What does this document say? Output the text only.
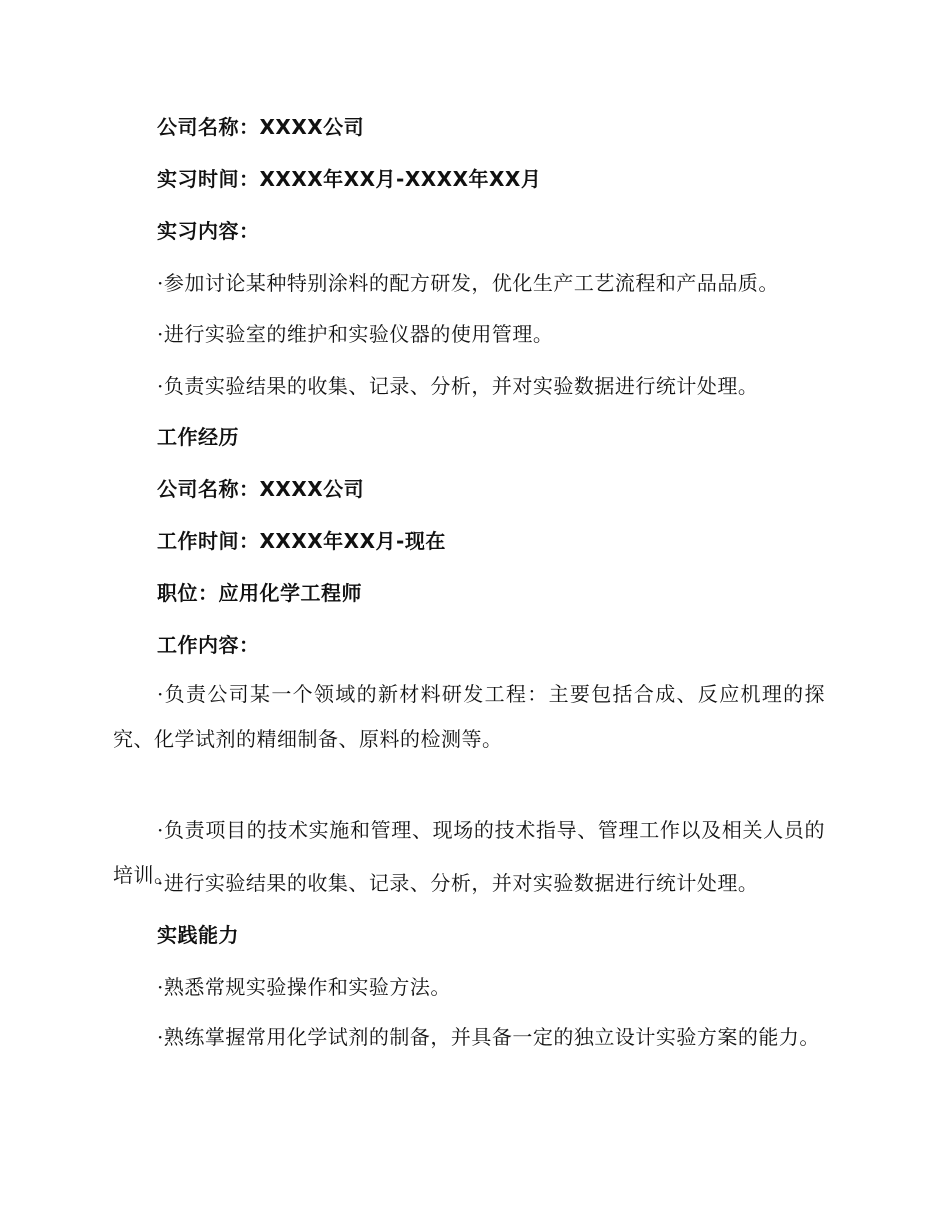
公司名称：XXXX公司
实习时间：XXXX年XX月-XXXX年XX月
实习内容：
·参加讨论某种特别涂料的配方研发，优化生产工艺流程和产品品质。
·进行实验室的维护和实验仪器的使用管理。
·负责实验结果的收集、记录、分析，并对实验数据进行统计处理。
工作经历
公司名称：XXXX公司
工作时间：XXXX年XX月-现在
职位：应用化学工程师
工作内容：
·负责公司某一个领域的新材料研发工程：主要包括合成、反应机理的探究、化学试剂的精细制备、原料的检测等。
·负责项目的技术实施和管理、现场的技术指导、管理工作以及相关人员的培训。
·进行实验结果的收集、记录、分析，并对实验数据进行统计处理。
实践能力
·熟悉常规实验操作和实验方法。
·熟练掌握常用化学试剂的制备，并具备一定的独立设计实验方案的能力。
